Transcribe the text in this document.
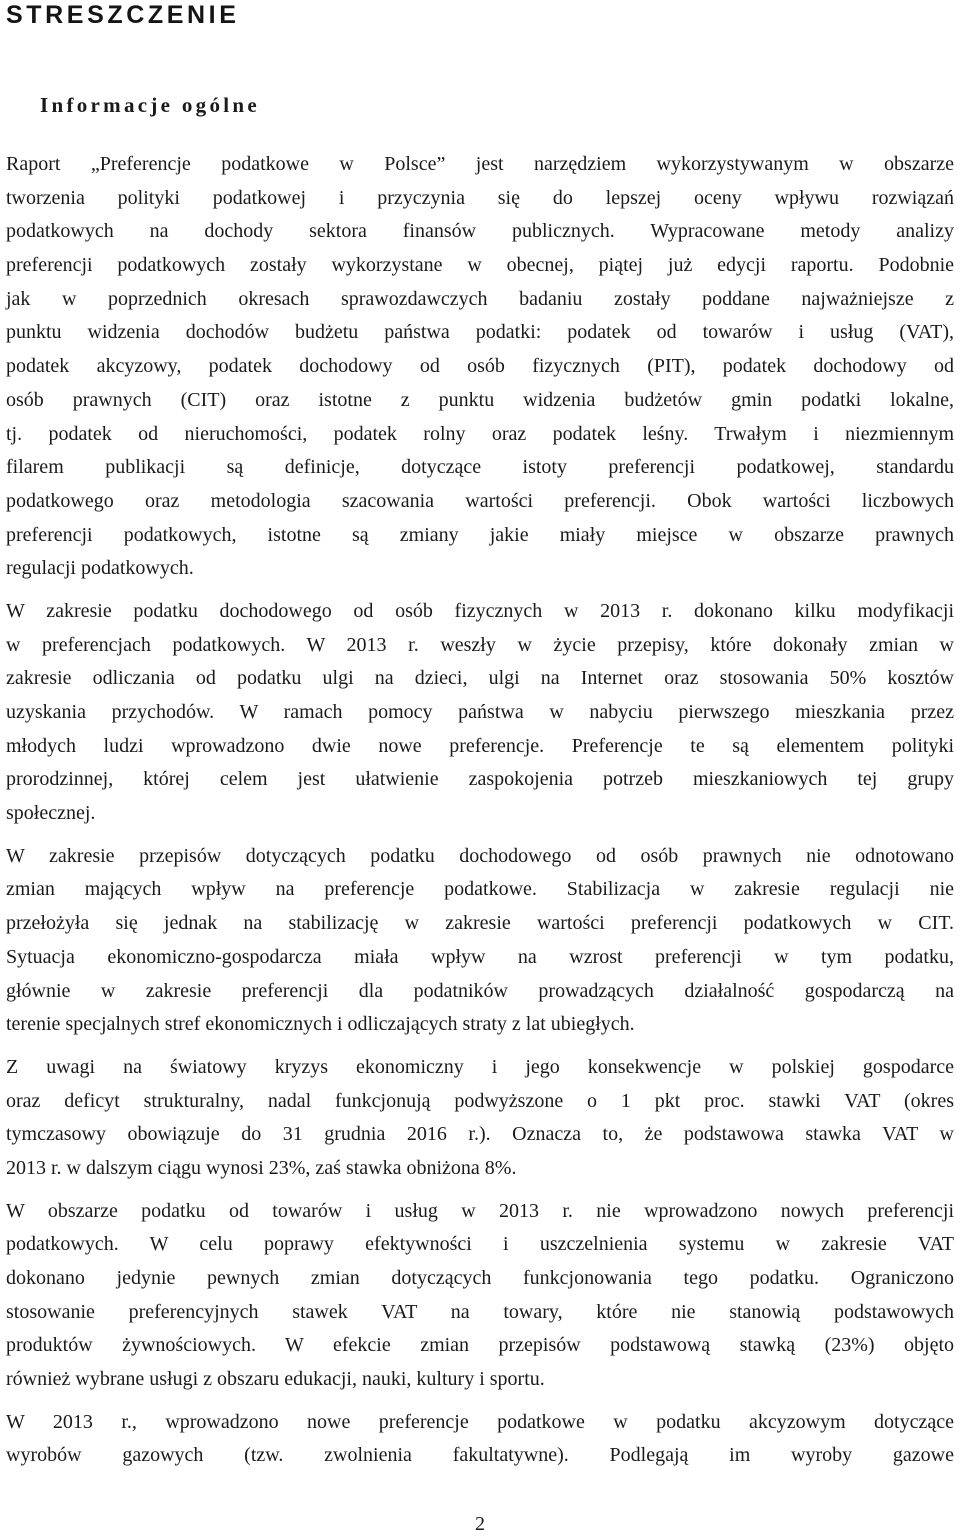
STRESZCZENIE
Informacje ogólne

Raport „Preferencje podatkowe w Polsce” jest narzędziem wykorzystywanym w obszarze
tworzenia polityki podatkowej i przyczynia się do lepszej oceny wpływu rozwiązań
podatkowych na dochody sektora finansów publicznych. Wypracowane metody analizy
preferencji podatkowych zostały wykorzystane w obecnej, piątej już edycji raportu. Podobnie
jak w poprzednich okresach sprawozdawczych badaniu zostały poddane najważniejsze z
punktu widzenia dochodów budżetu państwa podatki: podatek od towarów i usług (VAT),
podatek akcyzowy, podatek dochodowy od osób fizycznych (PIT), podatek dochodowy od
osób prawnych (CIT) oraz istotne z punktu widzenia budżetów gmin podatki lokalne,
tj. podatek od nieruchomości, podatek rolny oraz podatek leśny. Trwałym i niezmiennym
filarem publikacji są definicje, dotyczące istoty preferencji podatkowej, standardu
podatkowego oraz metodologia szacowania wartości preferencji. Obok wartości liczbowych
preferencji podatkowych, istotne są zmiany jakie miały miejsce w obszarze prawnych
regulacji podatkowych.

W zakresie podatku dochodowego od osób fizycznych w 2013 r. dokonano kilku modyfikacji
w preferencjach podatkowych. W 2013 r. weszły w życie przepisy, które dokonały zmian w
zakresie odliczania od podatku ulgi na dzieci, ulgi na Internet oraz stosowania 50% kosztów
uzyskania przychodów. W ramach pomocy państwa w nabyciu pierwszego mieszkania przez
młodych ludzi wprowadzono dwie nowe preferencje. Preferencje te są elementem polityki
prorodzinnej, której celem jest ułatwienie zaspokojenia potrzeb mieszkaniowych tej grupy
społecznej.

W zakresie przepisów dotyczących podatku dochodowego od osób prawnych nie odnotowano
zmian mających wpływ na preferencje podatkowe. Stabilizacja w zakresie regulacji nie
przełożyła się jednak na stabilizację w zakresie wartości preferencji podatkowych w CIT.
Sytuacja ekonomiczno-gospodarcza miała wpływ na wzrost preferencji w tym podatku,
głównie w zakresie preferencji dla podatników prowadzących działalność gospodarczą na
terenie specjalnych stref ekonomicznych i odliczających straty z lat ubiegłych.

Z uwagi na światowy kryzys ekonomiczny i jego konsekwencje w polskiej gospodarce
oraz deficyt strukturalny, nadal funkcjonują podwyższone o 1 pkt proc. stawki VAT (okres
tymczasowy obowiązuje do 31 grudnia 2016 r.). Oznacza to, że podstawowa stawka VAT w
2013 r. w dalszym ciągu wynosi 23%, zaś stawka obniżona 8%.

W obszarze podatku od towarów i usług w 2013 r. nie wprowadzono nowych preferencji
podatkowych. W celu poprawy efektywności i uszczelnienia systemu w zakresie VAT
dokonano jedynie pewnych zmian dotyczących funkcjonowania tego podatku. Ograniczono
stosowanie preferencyjnych stawek VAT na towary, które nie stanowią podstawowych
produktów żywnościowych. W efekcie zmian przepisów podstawową stawką (23%) objęto
również wybrane usługi z obszaru edukacji, nauki, kultury i sportu.

W 2013 r., wprowadzono nowe preferencje podatkowe w podatku akcyzowym dotyczące
wyrobów gazowych (tzw. zwolnienia fakultatywne). Podlegają im wyroby gazowe

2
